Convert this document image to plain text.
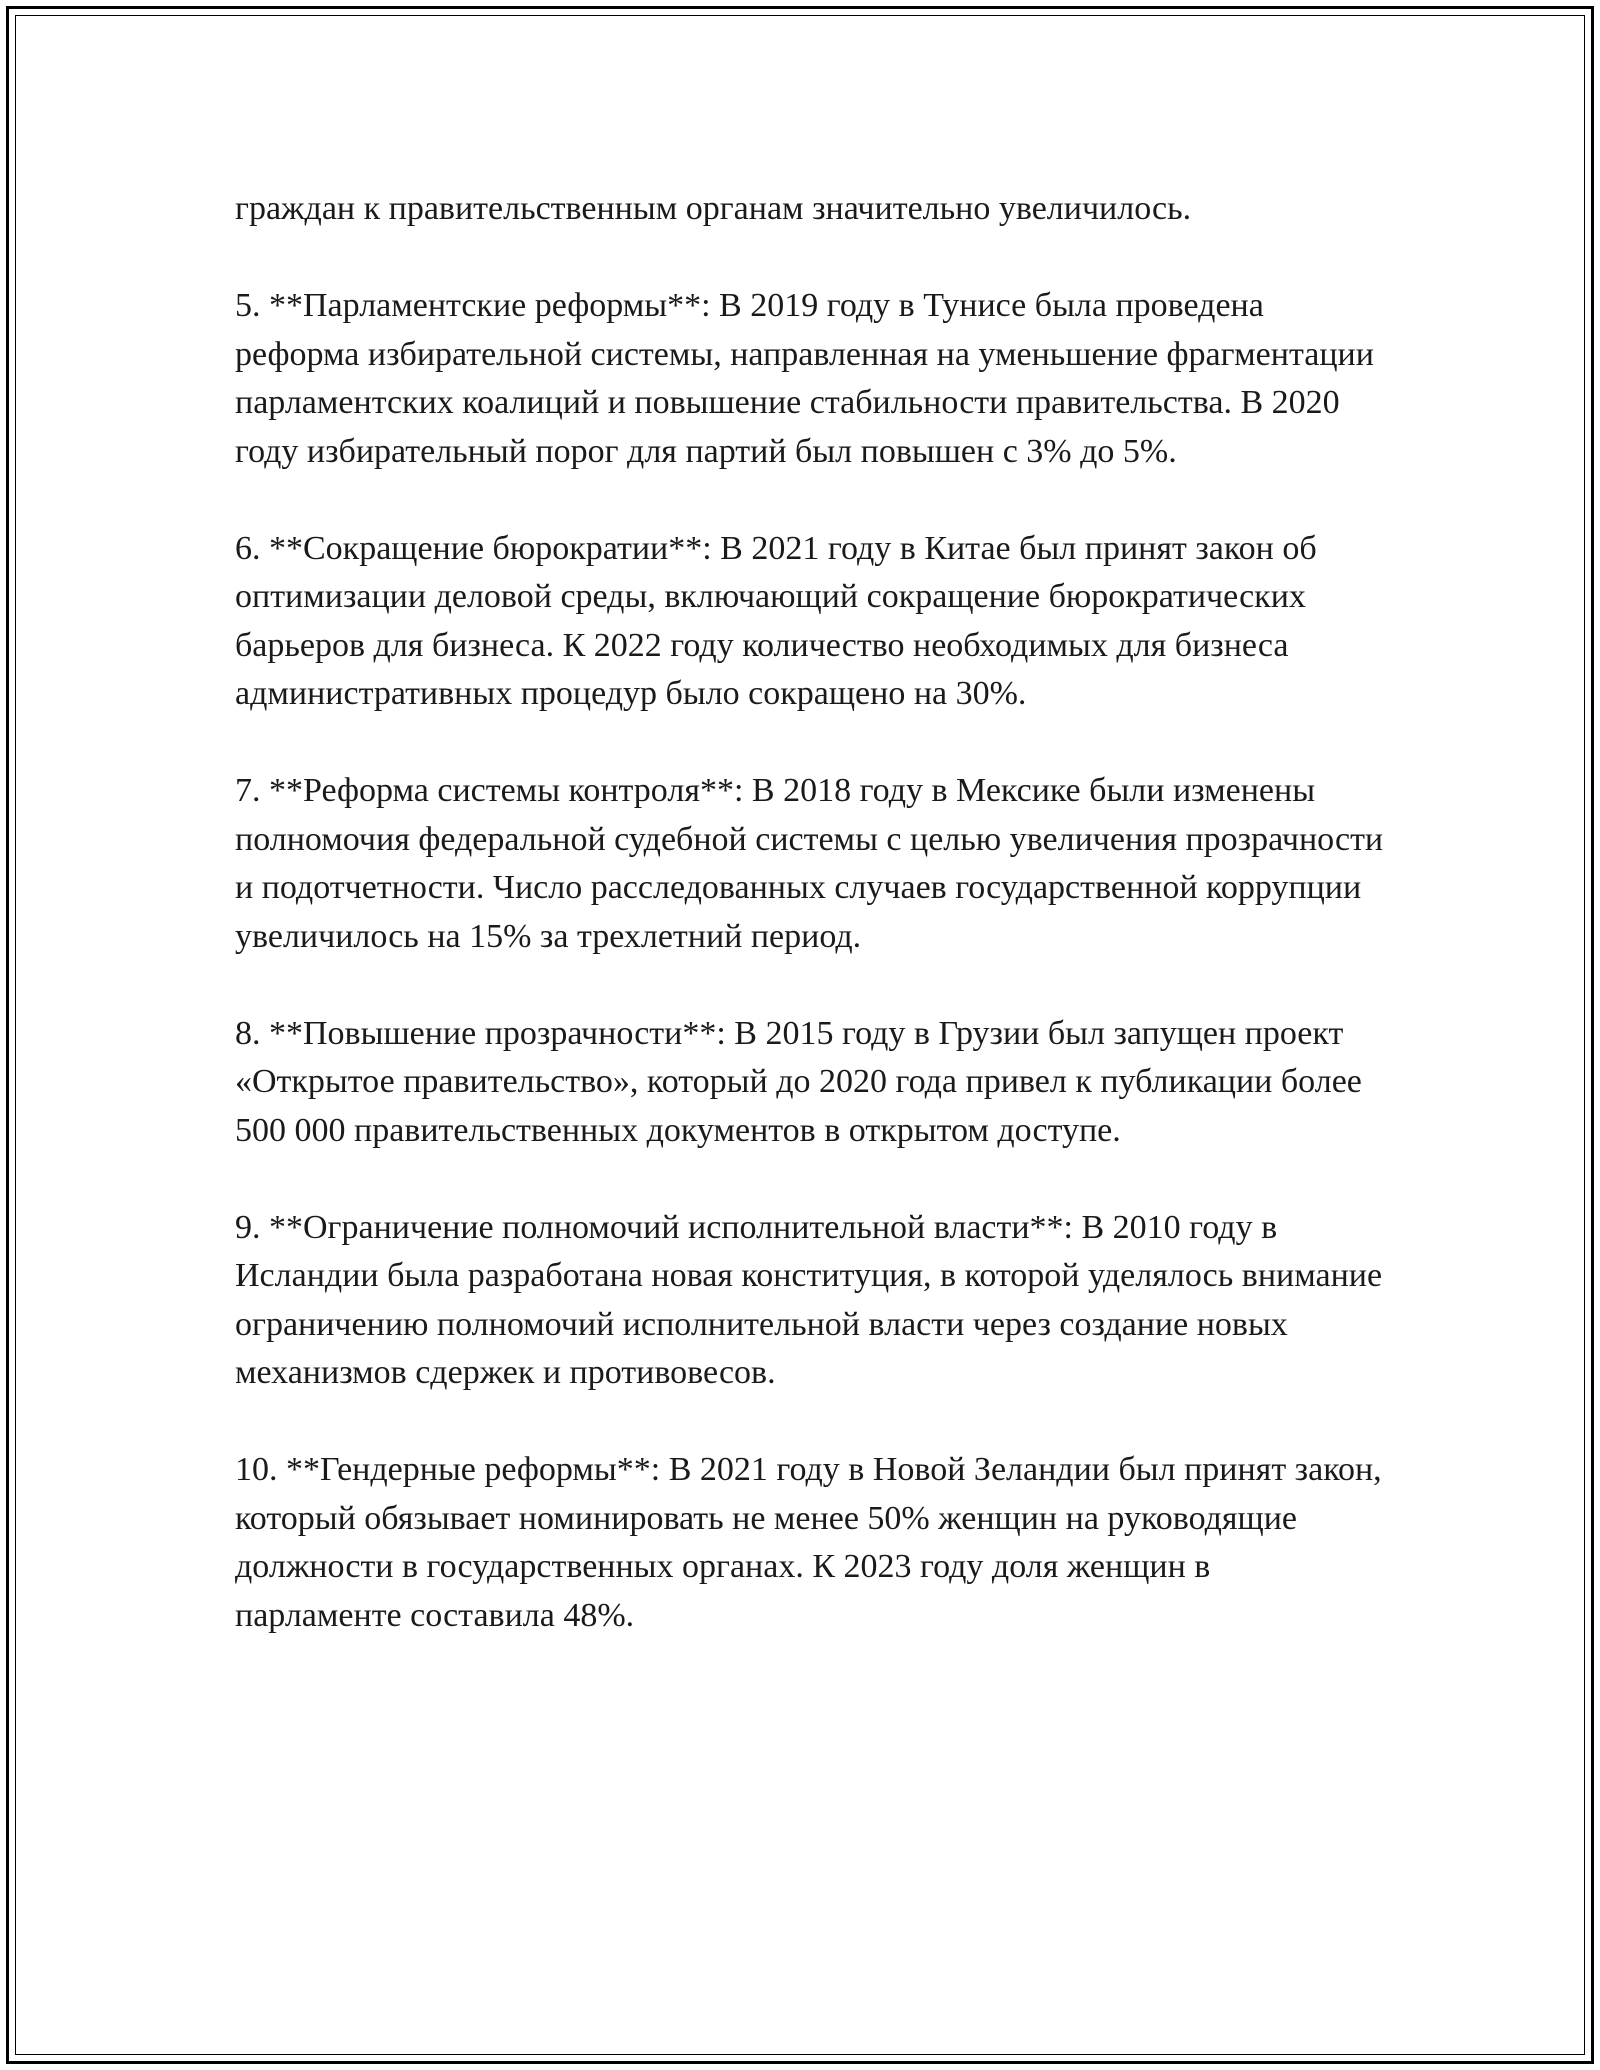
граждан к правительственным органам значительно увеличилось.

5. **Парламентские реформы**: В 2019 году в Тунисе была проведена реформа избирательной системы, направленная на уменьшение фрагментации парламентских коалиций и повышение стабильности правительства. В 2020 году избирательный порог для партий был повышен с 3% до 5%.

6. **Сокращение бюрократии**: В 2021 году в Китае был принят закон об оптимизации деловой среды, включающий сокращение бюрократических барьеров для бизнеса. К 2022 году количество необходимых для бизнеса административных процедур было сокращено на 30%.

7. **Реформа системы контроля**: В 2018 году в Мексике были изменены полномочия федеральной судебной системы с целью увеличения прозрачности и подотчетности. Число расследованных случаев государственной коррупции увеличилось на 15% за трехлетний период.

8. **Повышение прозрачности**: В 2015 году в Грузии был запущен проект «Открытое правительство», который до 2020 года привел к публикации более 500 000 правительственных документов в открытом доступе.

9. **Ограничение полномочий исполнительной власти**: В 2010 году в Исландии была разработана новая конституция, в которой уделялось внимание ограничению полномочий исполнительной власти через создание новых механизмов сдержек и противовесов.

10. **Гендерные реформы**: В 2021 году в Новой Зеландии был принят закон, который обязывает номинировать не менее 50% женщин на руководящие должности в государственных органах. К 2023 году доля женщин в парламенте составила 48%.
